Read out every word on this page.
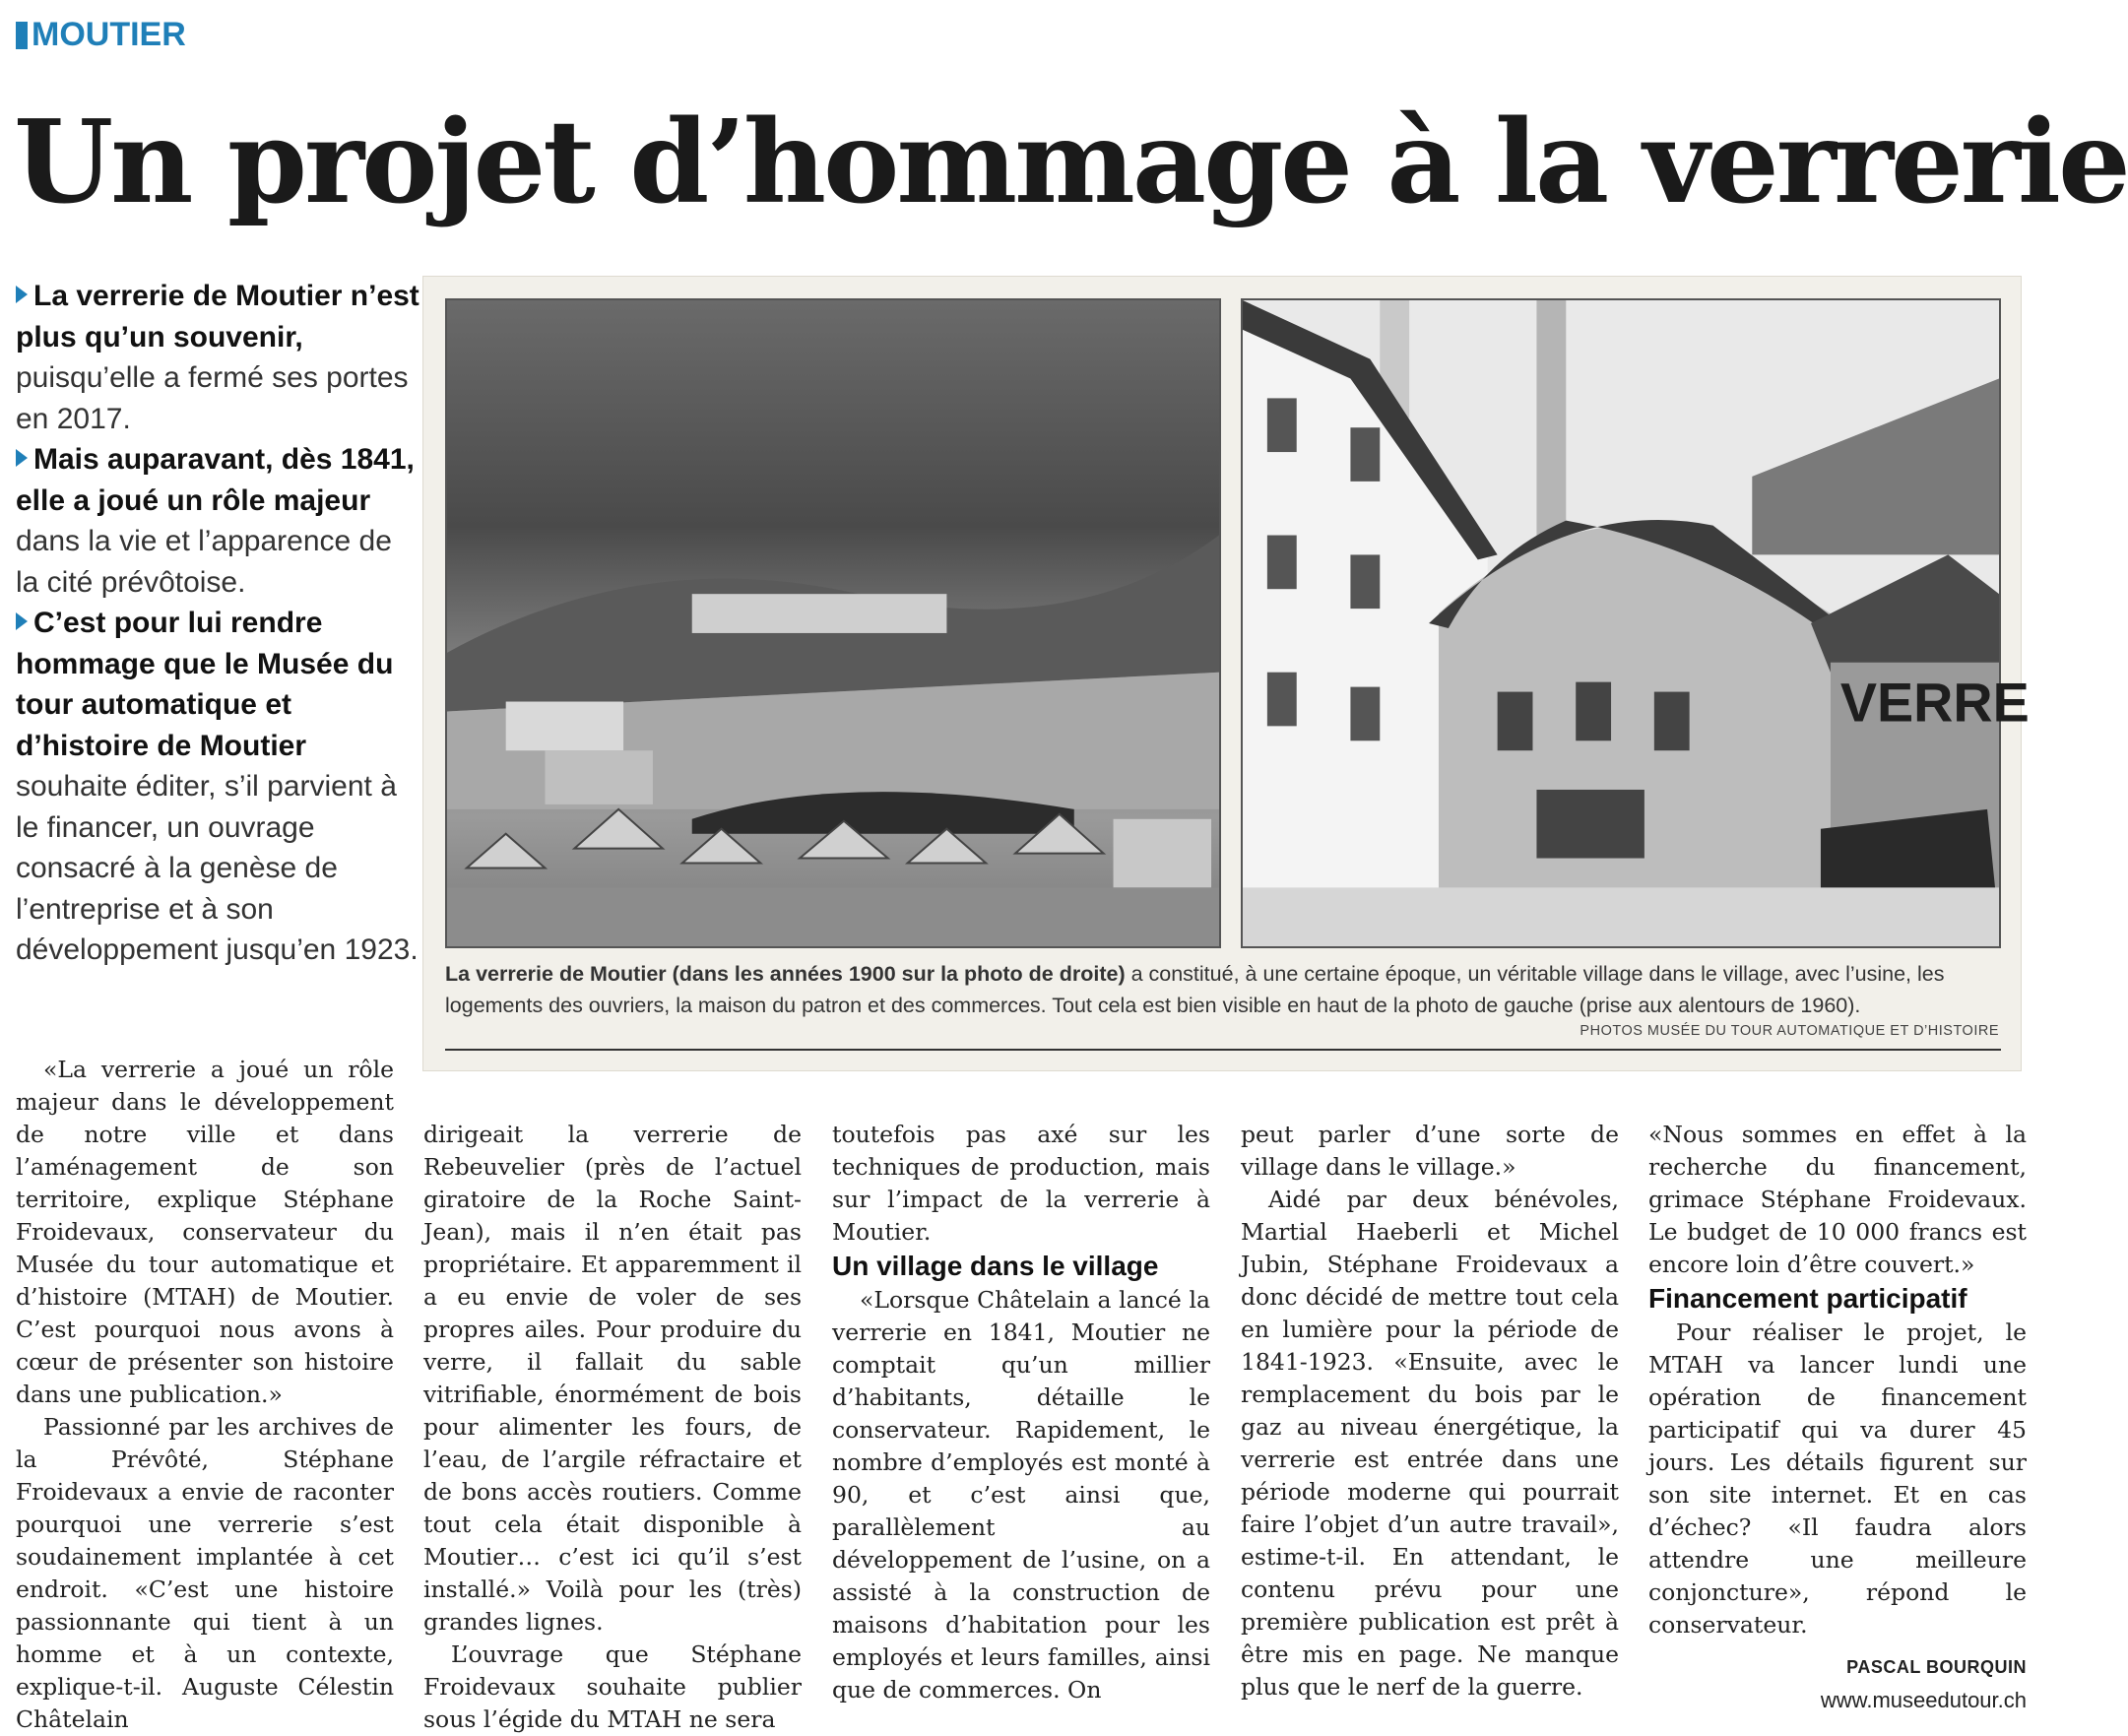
MOUTIER
Un projet d’hommage à la verrerie

La verrerie de Moutier n’est plus qu’un souvenir, puisqu’elle a fermé ses portes en 2017.

Mais auparavant, dès 1841, elle a joué un rôle majeur dans la vie et l’apparence de la cité prévôtoise.

C’est pour lui rendre hommage que le Musée du tour automatique et d’histoire de Moutier souhaite éditer, s’il parvient à le financer, un ouvrage consacré à la genèse de l’entreprise et à son développement jusqu’en 1923.

VERRE
La verrerie de Moutier (dans les années 1900 sur la photo de droite) a constitué, à une certaine époque, un véritable village dans le village, avec l’usine, les logements des ouvriers, la maison du patron et des commerces. Tout cela est bien visible en haut de la photo de gauche (prise aux alentours de 1960).
PHOTOS MUSÉE DU TOUR AUTOMATIQUE ET D’HISTOIRE

«La verrerie a joué un rôle majeur dans le développement de notre ville et dans l’aménagement de son territoire, explique Stéphane Froidevaux, conservateur du Musée du tour automatique et d’histoire (MTAH) de Moutier. C’est pourquoi nous avons à cœur de présenter son histoire dans une publication.»

Passionné par les archives de la Prévôté, Stéphane Froidevaux a envie de raconter pourquoi une verrerie s’est soudainement implantée à cet endroit. «C’est une histoire passionnante qui tient à un homme et à un contexte, explique-t-il. Auguste Célestin Châtelain

dirigeait la verrerie de Rebeuvelier (près de l’actuel giratoire de la Roche Saint-Jean), mais il n’en était pas propriétaire. Et apparemment il a eu envie de voler de ses propres ailes. Pour produire du verre, il fallait du sable vitrifiable, énormément de bois pour alimenter les fours, de l’eau, de l’argile réfractaire et de bons accès routiers. Comme tout cela était disponible à Moutier… c’est ici qu’il s’est installé.» Voilà pour les (très) grandes lignes.

L’ouvrage que Stéphane Froidevaux souhaite publier sous l’égide du MTAH ne sera

toutefois pas axé sur les techniques de production, mais sur l’impact de la verrerie à Moutier.

Un village dans le village

«Lorsque Châtelain a lancé la verrerie en 1841, Moutier ne comptait qu’un millier d’habitants, détaille le conservateur. Rapidement, le nombre d’employés est monté à 90, et c’est ainsi que, parallèlement au développement de l’usine, on a assisté à la construction de maisons d’habitation pour les employés et leurs familles, ainsi que de commerces. On

peut parler d’une sorte de village dans le village.»

Aidé par deux bénévoles, Martial Haeberli et Michel Jubin, Stéphane Froidevaux a donc décidé de mettre tout cela en lumière pour la période de 1841-1923. «Ensuite, avec le remplacement du bois par le gaz au niveau énergétique, la verrerie est entrée dans une période moderne qui pourrait faire l’objet d’un autre travail», estime-t-il. En attendant, le contenu prévu pour une première publication est prêt à être mis en page. Ne manque plus que le nerf de la guerre.

«Nous sommes en effet à la recherche du financement, grimace Stéphane Froidevaux. Le budget de 10 000 francs est encore loin d’être couvert.»

Financement participatif

Pour réaliser le projet, le MTAH va lancer lundi une opération de financement participatif qui va durer 45 jours. Les détails figurent sur son site internet. Et en cas d’échec? «Il faudra alors attendre une meilleure conjoncture», répond le conservateur.

PASCAL BOURQUIN
www.museedutour.ch
